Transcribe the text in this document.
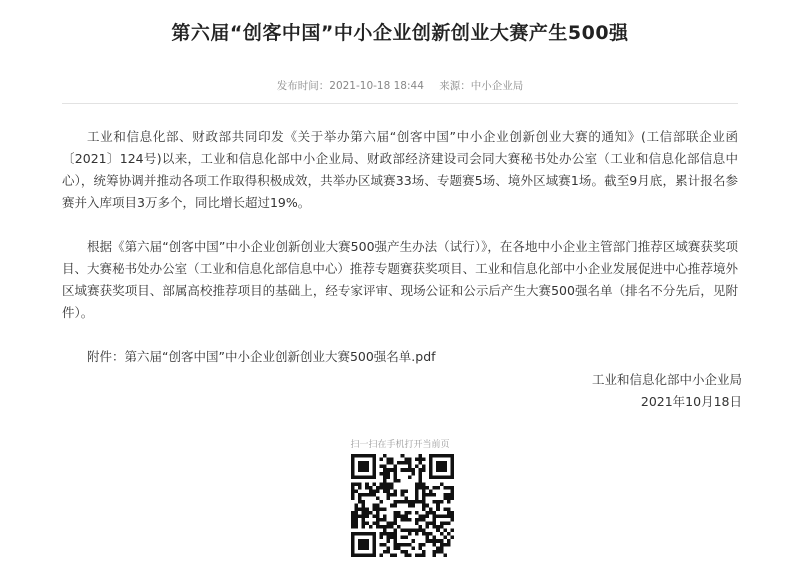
第六届“创客中国”中小企业创新创业大赛产生500强
发布时间：2021-10-18 18:44 来源：中小企业局

工业和信息化部、财政部共同印发《关于举办第六届“创客中国”中小企业创新创业大赛的通知》(工信部联企业函〔2021〕124号)以来，工业和信息化部中小企业局、财政部经济建设司会同大赛秘书处办公室（工业和信息化部信息中心），统筹协调并推动各项工作取得积极成效，共举办区域赛33场、专题赛5场、境外区域赛1场。截至9月底，累计报名参赛并入库项目3万多个，同比增长超过19%。

根据《第六届“创客中国”中小企业创新创业大赛500强产生办法（试行）》，在各地中小企业主管部门推荐区域赛获奖项目、大赛秘书处办公室（工业和信息化部信息中心）推荐专题赛获奖项目、工业和信息化部中小企业发展促进中心推荐境外区域赛获奖项目、部属高校推荐项目的基础上，经专家评审、现场公证和公示后产生大赛500强名单（排名不分先后，见附件）。

附件：第六届“创客中国”中小企业创新创业大赛500强名单.pdf

工业和信息化部中小企业局
2021年10月18日
扫一扫在手机打开当前页
